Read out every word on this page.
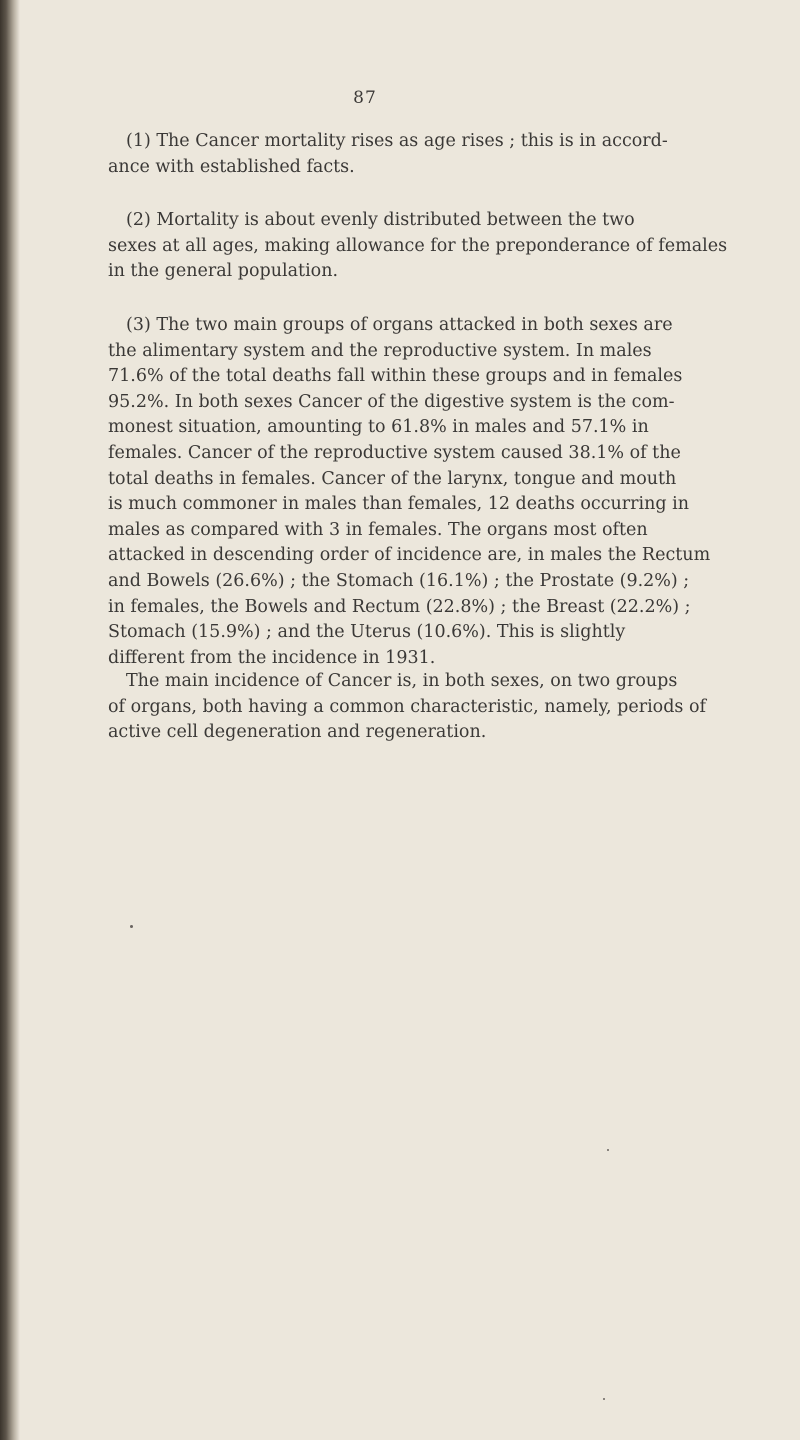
87

(1) The Cancer mortality rises as age rises ; this is in accord-
ance with established facts.

(2) Mortality is about evenly distributed between the two
sexes at all ages, making allowance for the preponderance of females
in the general population.

(3) The two main groups of organs attacked in both sexes are
the alimentary system and the reproductive system. In males
71.6% of the total deaths fall within these groups and in females
95.2%. In both sexes Cancer of the digestive system is the com-
monest situation, amounting to 61.8% in males and 57.1% in
females. Cancer of the reproductive system caused 38.1% of the
total deaths in females. Cancer of the larynx, tongue and mouth
is much commoner in males than females, 12 deaths occurring in
males as compared with 3 in females. The organs most often
attacked in descending order of incidence are, in males the Rectum
and Bowels (26.6%) ; the Stomach (16.1%) ; the Prostate (9.2%) ;
in females, the Bowels and Rectum (22.8%) ; the Breast (22.2%) ;
Stomach (15.9%) ; and the Uterus (10.6%). This is slightly
different from the incidence in 1931.

The main incidence of Cancer is, in both sexes, on two groups
of organs, both having a common characteristic, namely, periods of
active cell degeneration and regeneration.
